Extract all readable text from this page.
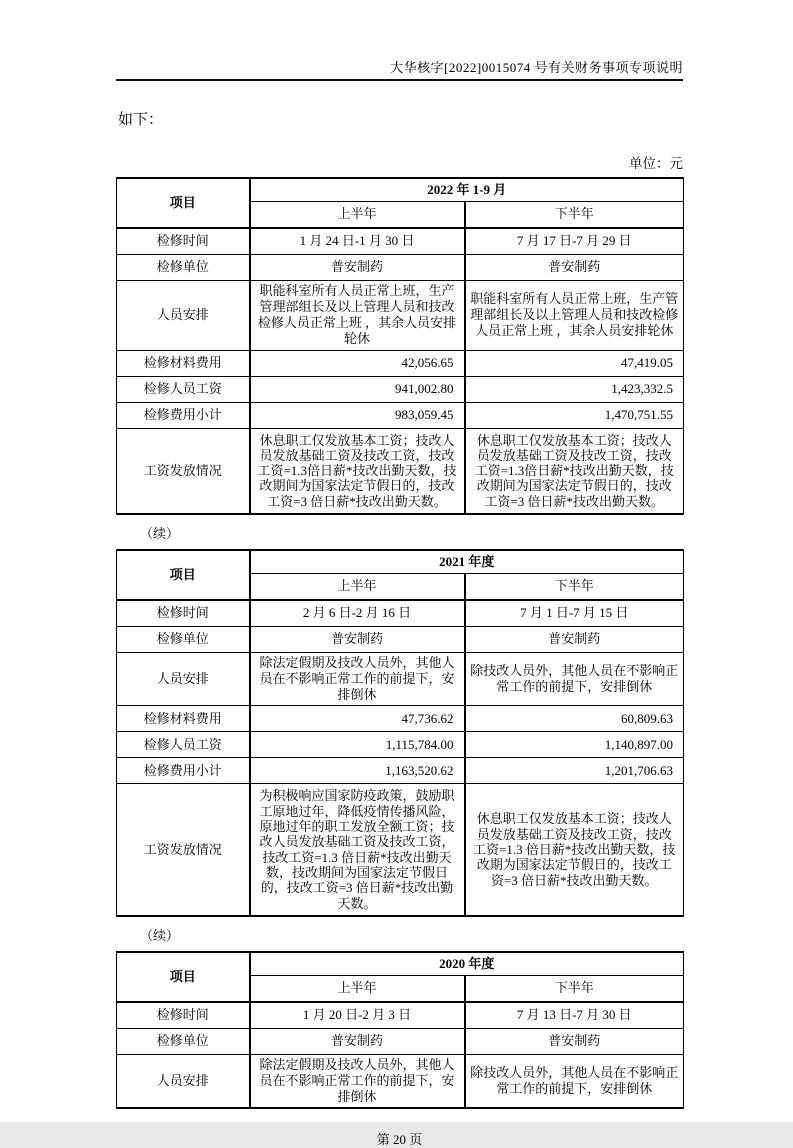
大华核字[2022]0015074 号有关财务事项专项说明
如下：
单位：元
项目	2022 年 1-9 月	
	上半年	下半年
检修时间	1 月 24 日-1 月 30 日	7 月 17 日-7 月 29 日
检修单位	普安制药	普安制药
人员安排	职能科室所有人员正常上班，生产管理部组长及以上管理人员和技改检修人员正常上班 ，其余人员安排轮休	职能科室所有人员正常上班，生产管理部组长及以上管理人员和技改检修人员正常上班 ，其余人员安排轮休
检修材料费用	42,056.65	47,419.05
检修人员工资	941,002.80	1,423,332.5
检修费用小计	983,059.45	1,470,751.55
工资发放情况	休息职工仅发放基本工资；技改人员发放基础工资及技改工资，技改工资=1.3倍日薪*技改出勤天数，技改期间为国家法定节假日的，技改工资=3 倍日薪*技改出勤天数。	休息职工仅发放基本工资；技改人员发放基础工资及技改工资，技改工资=1.3倍日薪*技改出勤天数，技改期间为国家法定节假日的，技改工资=3 倍日薪*技改出勤天数。
（续）
项目	2021 年度	
	上半年	下半年
检修时间	2 月 6 日-2 月 16 日	7 月 1 日-7 月 15 日
检修单位	普安制药	普安制药
人员安排	除法定假期及技改人员外，其他人员在不影响正常工作的前提下，安排倒休	除技改人员外，其他人员在不影响正常工作的前提下，安排倒休
检修材料费用	47,736.62	60,809.63
检修人员工资	1,115,784.00	1,140,897.00
检修费用小计	1,163,520.62	1,201,706.63
工资发放情况	为积极响应国家防疫政策，鼓励职工原地过年，降低疫情传播风险，原地过年的职工发放全额工资；技改人员发放基础工资及技改工资，技改工资=1.3 倍日薪*技改出勤天数，技改期间为国家法定节假日的，技改工资=3 倍日薪*技改出勤天数。	休息职工仅发放基本工资；技改人员发放基础工资及技改工资，技改工资=1.3 倍日薪*技改出勤天数，技改期为国家法定节假日的，技改工资=3 倍日薪*技改出勤天数。
（续）
项目	2020 年度	
	上半年	下半年
检修时间	1 月 20 日-2 月 3 日	7 月 13 日-7 月 30 日
检修单位	普安制药	普安制药
人员安排	除法定假期及技改人员外，其他人员在不影响正常工作的前提下，安排倒休	除技改人员外，其他人员在不影响正常工作的前提下，安排倒休
第 20 页
